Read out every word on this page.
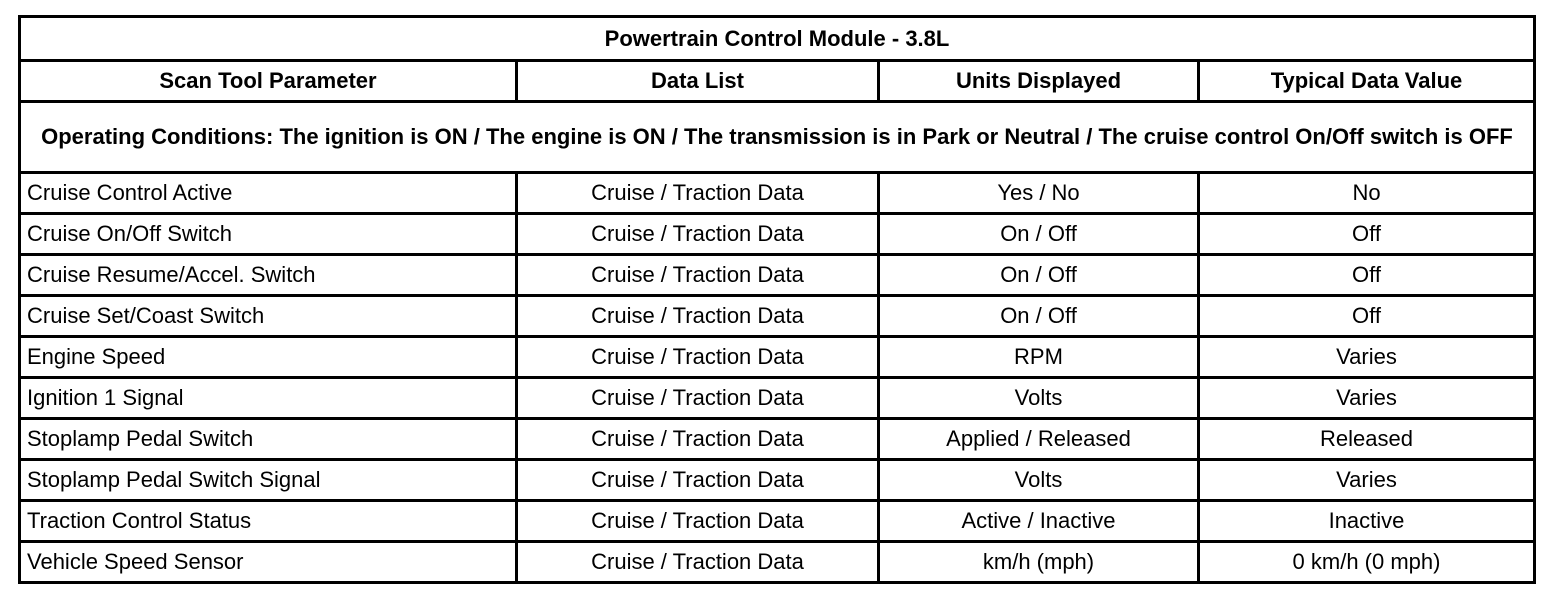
Powertrain Control Module - 3.8L			
Scan Tool Parameter	Data List	Units Displayed	Typical Data Value
Operating Conditions: The ignition is ON / The engine is ON / The transmission is in Park or Neutral / The cruise control On/Off switch is OFF			
Cruise Control Active	Cruise / Traction Data	Yes / No	No
Cruise On/Off Switch	Cruise / Traction Data	On / Off	Off
Cruise Resume/Accel. Switch	Cruise / Traction Data	On / Off	Off
Cruise Set/Coast Switch	Cruise / Traction Data	On / Off	Off
Engine Speed	Cruise / Traction Data	RPM	Varies
Ignition 1 Signal	Cruise / Traction Data	Volts	Varies
Stoplamp Pedal Switch	Cruise / Traction Data	Applied / Released	Released
Stoplamp Pedal Switch Signal	Cruise / Traction Data	Volts	Varies
Traction Control Status	Cruise / Traction Data	Active / Inactive	Inactive
Vehicle Speed Sensor	Cruise / Traction Data	km/h (mph)	0 km/h (0 mph)
